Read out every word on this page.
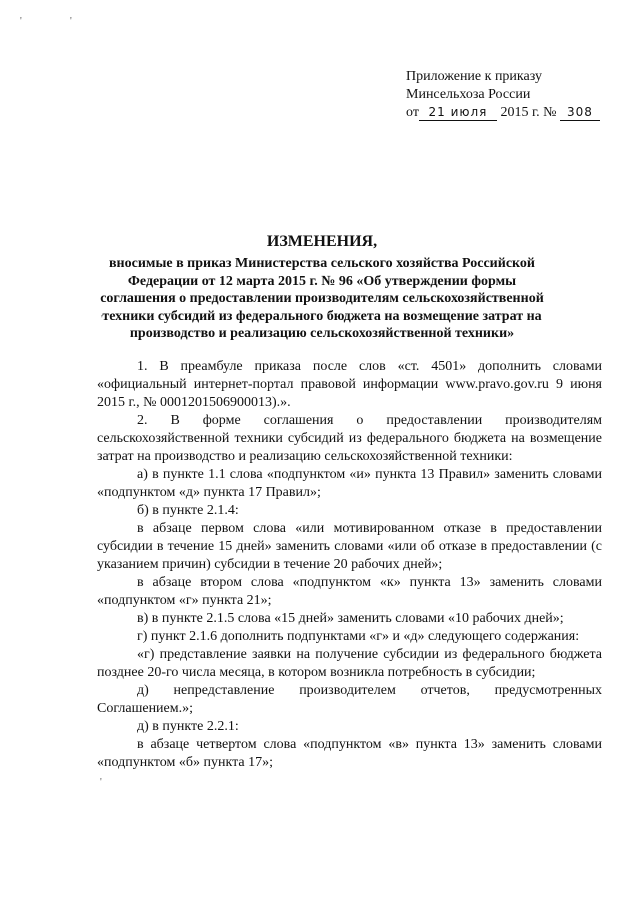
'	'
Приложение к приказу
Минсельхоза России
от 21 июля 2015 г. № 308
ИЗМЕНЕНИЯ,
вносимые в приказ Министерства сельского хозяйства Российской Федерации от 12 марта 2015 г. № 96 «Об утверждении формы соглашения о предоставлении производителям сельскохозяйственной техники субсидий из федерального бюджета на возмещение затрат на производство и реализацию сельскохозяйственной техники»
'

1. В преамбуле приказа после слов «ст. 4501» дополнить словами «официальный интернет-портал правовой информации www.pravo.gov.ru 9 июня 2015 г., № 0001201506900013).».

2. В форме соглашения о предоставлении производителям сельскохозяйственной техники субсидий из федерального бюджета на возмещение затрат на производство и реализацию сельскохозяйственной техники:

а) в пункте 1.1 слова «подпунктом «и» пункта 13 Правил» заменить словами «подпунктом «д» пункта 17 Правил»;

б) в пункте 2.1.4:

в абзаце первом слова «или мотивированном отказе в предоставлении субсидии в течение 15 дней» заменить словами «или об отказе в предоставлении (с указанием причин) субсидии в течение 20 рабочих дней»;

в абзаце втором слова «подпунктом «к» пункта 13» заменить словами «подпунктом «г» пункта 21»;

в) в пункте 2.1.5 слова «15 дней» заменить словами «10 рабочих дней»;

г) пункт 2.1.6 дополнить подпунктами «г» и «д» следующего содержания:

«г) представление заявки на получение субсидии из федерального бюджета позднее 20-го числа месяца, в котором возникла потребность в субсидии;

д) непредставление производителем отчетов, предусмотренных Соглашением.»;

д) в пункте 2.2.1:

в абзаце четвертом слова «подпунктом «в» пункта 13» заменить словами «подпунктом «б» пункта 17»;

'
